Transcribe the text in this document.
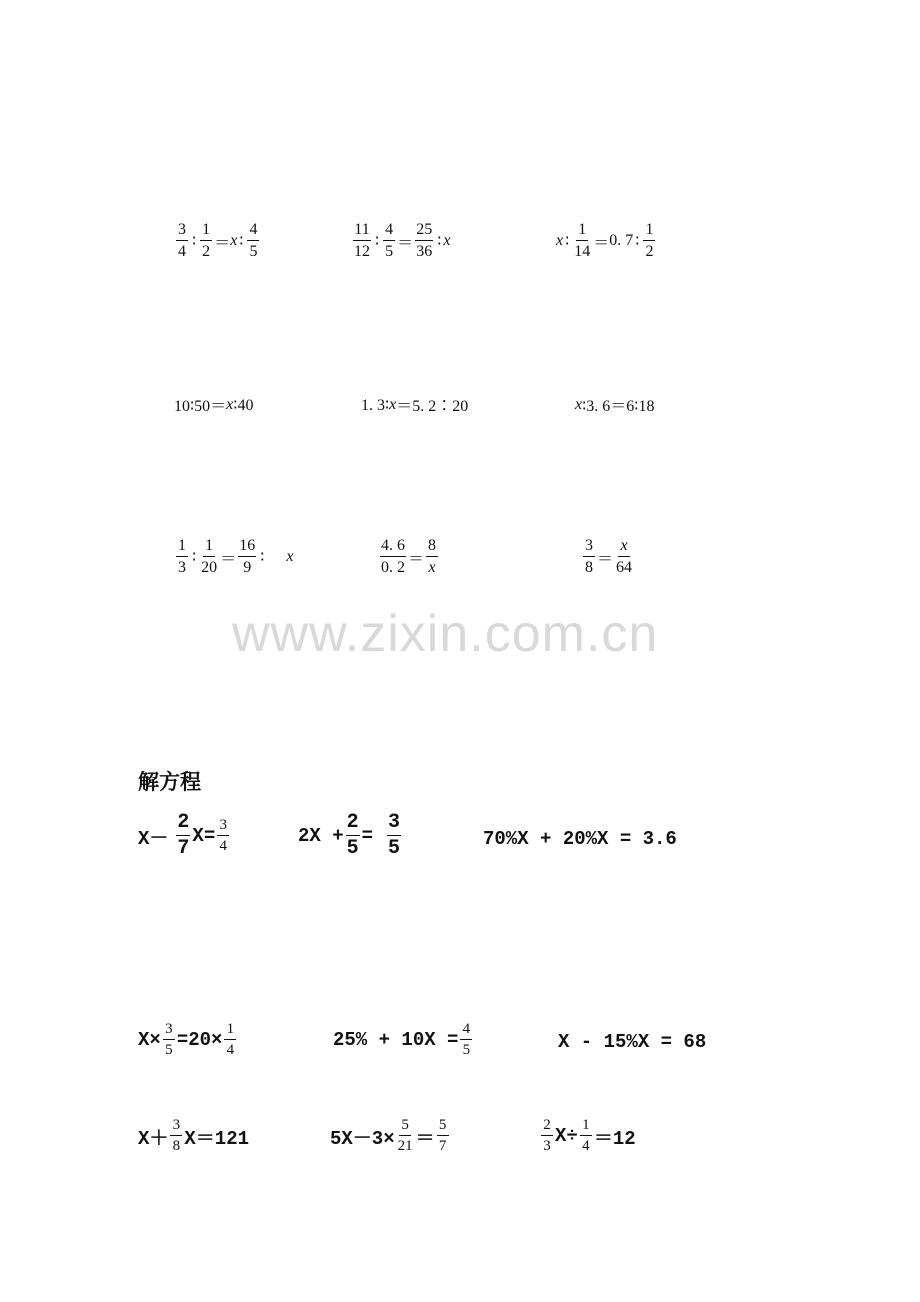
$\frac{3}{4}$ ∶ $\frac{1}{2} = x$ ∶ $\frac{4}{5}$	$\frac{11}{12}$ ∶ $\frac{4}{5} = \frac{25}{36}$ ∶ x	x ∶ $\frac{1}{14} = 0$. 7 ∶ $\frac{1}{2}$
10∶50＝ x ∶40	1. 3∶ x ＝5. 2∶20	x ∶3. 6＝6∶18
$\frac{1}{3}$ ∶ $\frac{1}{20} = \frac{16}{9}$ ∶ x	$\frac{4. 6}{0. 2} = \frac{8}{x}$	$\frac{3}{8} = \frac{x}{64}$
www.zixin.com.cn
解方程
$X- \frac{2}{7} X= \frac{3}{4}$	$2X + \frac{2}{5} = \frac{3}{5}$	70%X + 20%X = 3.6
$X\times \frac{3}{5} =20\times \frac{1}{4}$	$25\% + 10X = \frac{4}{5}$	X - 15%X = 68
$X+ \frac{3}{8} X=121$	$5X-3\times \frac{5}{21} = \frac{5}{7}$	$\frac{2}{3} X\div \frac{1}{4} =12$
